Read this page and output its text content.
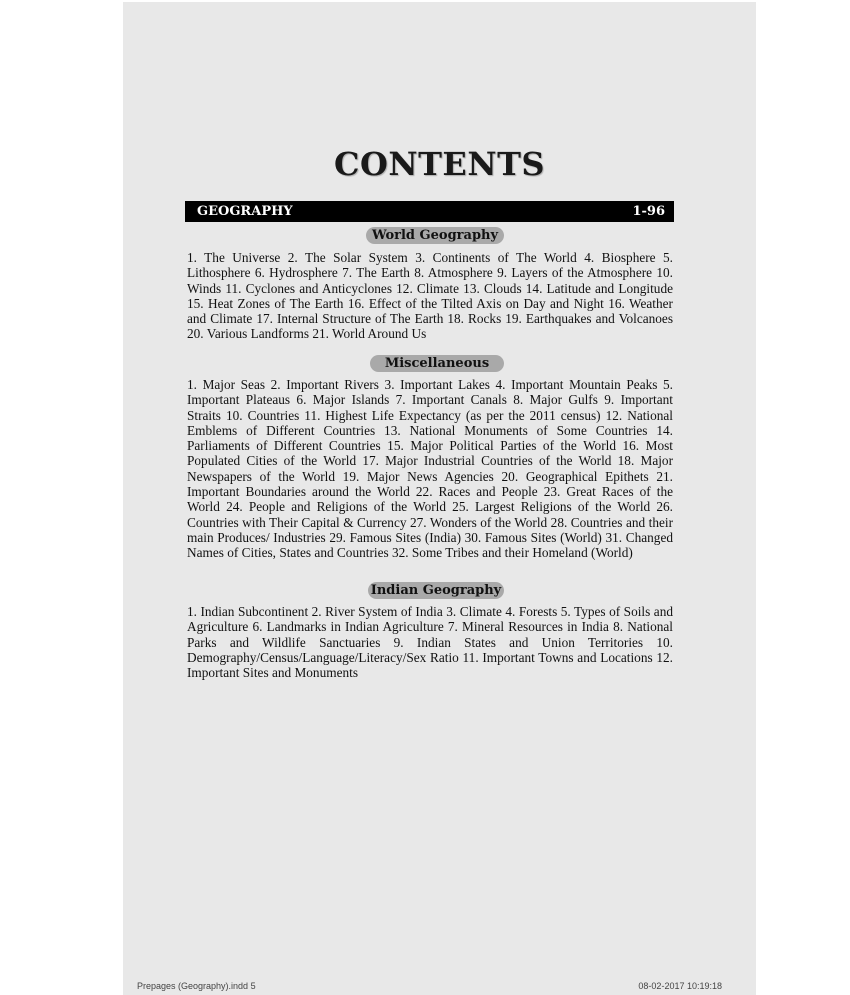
CONTENTS
GEOGRAPHY	1-96
World Geography

1. The Universe 2. The Solar System 3. Continents of The World 4. Biosphere 5. Lithosphere 6. Hydrosphere 7. The Earth 8. Atmosphere 9. Layers of the Atmosphere 10. Winds 11. Cyclones and Anticyclones 12. Climate 13. Clouds 14. Latitude and Longitude 15. Heat Zones of The Earth 16. Effect of the Tilted Axis on Day and Night 16. Weather and Climate 17. Internal Structure of The Earth 18. Rocks 19. Earthquakes and Volcanoes 20. Various Landforms 21. World Around Us

Miscellaneous

1. Major Seas 2. Important Rivers 3. Important Lakes 4. Important Mountain Peaks 5. Important Plateaus 6. Major Islands 7. Important Canals 8. Major Gulfs 9. Important Straits 10. Countries 11. Highest Life Expectancy (as per the 2011 census) 12. National Emblems of Different Countries 13. National Monuments of Some Countries 14. Parliaments of Different Countries 15. Major Political Parties of the World 16. Most Populated Cities of the World 17. Major Industrial Countries of the World 18. Major Newspapers of the World 19. Major News Agencies 20. Geographical Epithets 21. Important Boundaries around the World 22. Races and People 23. Great Races of the World 24. People and Religions of the World 25. Largest Religions of the World 26. Countries with Their Capital & Currency 27. Wonders of the World 28. Countries and their main Produces/ Industries 29. Famous Sites (India) 30. Famous Sites (World) 31. Changed Names of Cities, States and Countries 32. Some Tribes and their Homeland (World)

Indian Geography

1. Indian Subcontinent 2. River System of India 3. Climate 4. Forests 5. Types of Soils and Agriculture 6. Landmarks in Indian Agriculture 7. Mineral Resources in India 8. National Parks and Wildlife Sanctuaries 9. Indian States and Union Territories 10. Demography/Census/Language/Literacy/Sex Ratio 11. Important Towns and Locations 12. Important Sites and Monuments

Prepages (Geography).indd 5	08-02-2017 10:19:18
